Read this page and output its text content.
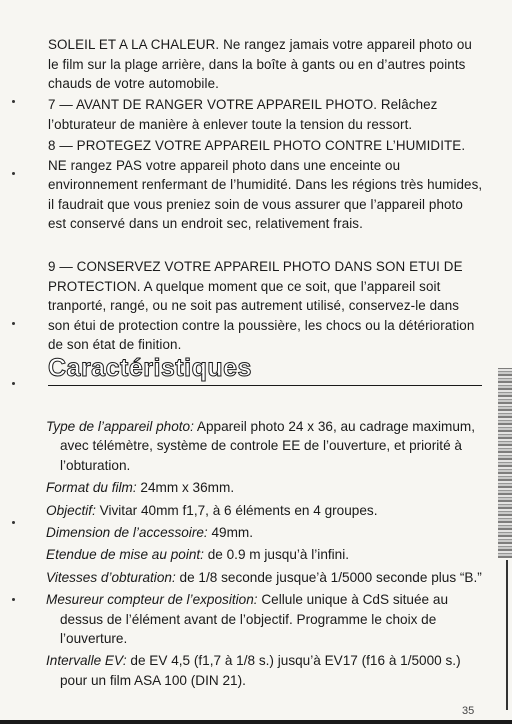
SOLEIL ET A LA CHALEUR. Ne rangez jamais votre appareil photo ou le film sur la plage arrière, dans la boîte à gants ou en d’autres points chauds de votre automobile.

7 — AVANT DE RANGER VOTRE APPAREIL PHOTO. Relâchez l’obturateur de manière à enlever toute la tension du ressort.

8 — PROTEGEZ VOTRE APPAREIL PHOTO CONTRE L’HUMIDITE. NE rangez PAS votre appareil photo dans une enceinte ou environnement renfermant de l’humidité. Dans les régions très humides, il faudrait que vous preniez soin de vous assurer que l’appareil photo est conservé dans un endroit sec, relativement frais.

9 — CONSERVEZ VOTRE APPAREIL PHOTO DANS SON ETUI DE PROTECTION. A quelque moment que ce soit, que l’appareil soit tranporté, rangé, ou ne soit pas autrement utilisé, conservez-le dans son étui de protection contre la poussière, les chocs ou la détérioration de son état de finition.

Caractéristiques

Type de l’appareil photo: Appareil photo 24 x 36, au cadrage maximum, avec télémètre, système de controle EE de l’ouverture, et priorité à l’obturation.

Format du film: 24mm x 36mm.

Objectif: Vivitar 40mm f1,7, à 6 éléments en 4 groupes.

Dimension de l’accessoire: 49mm.

Etendue de mise au point: de 0.9 m jusqu’à l’infini.

Vitesses d’obturation: de 1/8 seconde jusque’à 1/5000 seconde plus “B.”

Mesureur compteur de l’exposition: Cellule unique à CdS située au dessus de l’élément avant de l’objectif. Programme le choix de l’ouverture.

Intervalle EV: de EV 4,5 (f1,7 à 1/8 s.) jusqu’à EV17 (f16 à 1/5000 s.) pour un film ASA 100 (DIN 21).

35
